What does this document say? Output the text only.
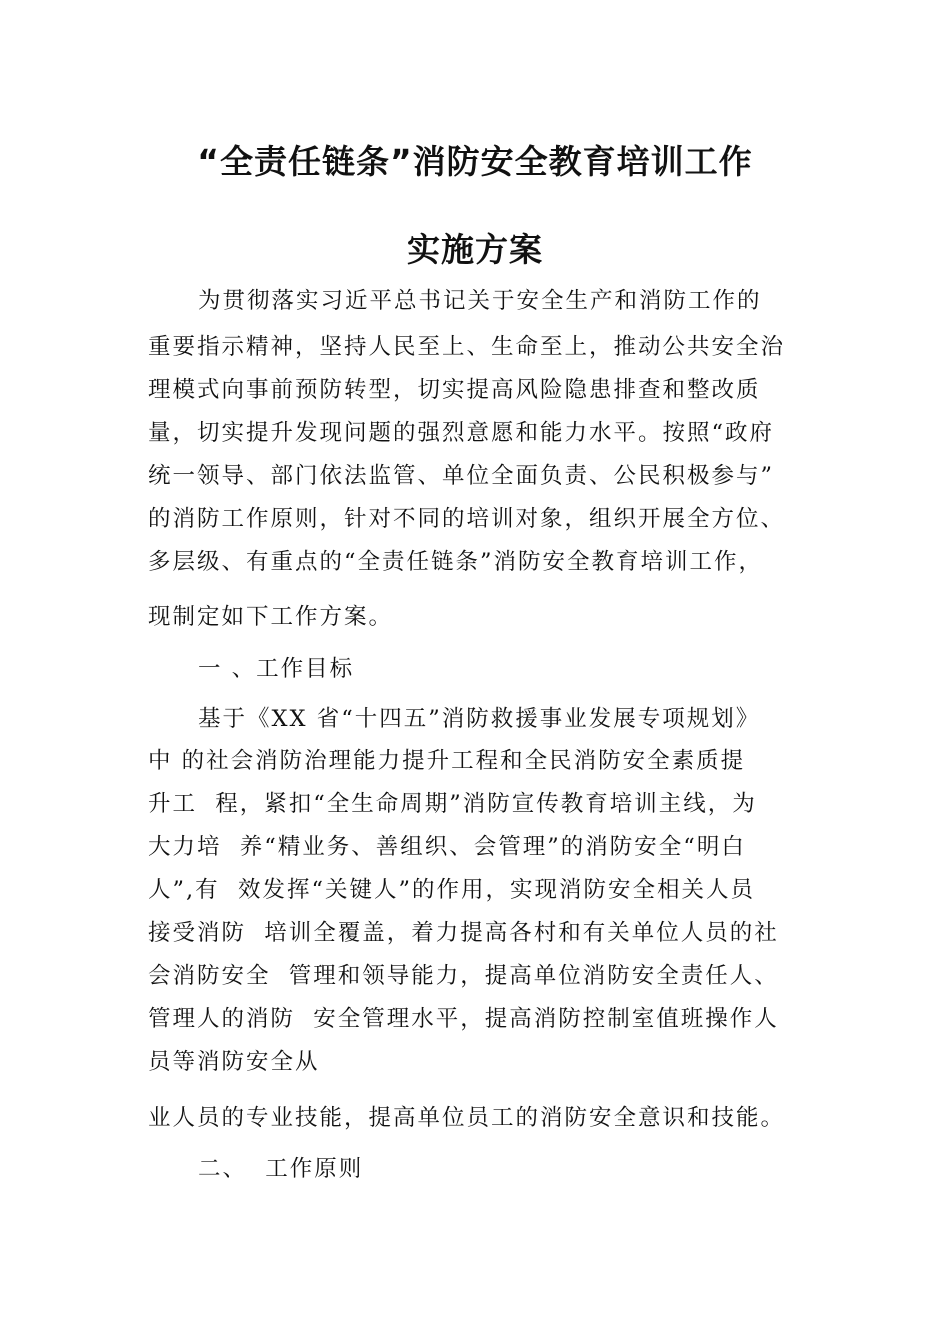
“全责任链条”消防安全教育培训工作
实施方案
为贯彻落实习近平总书记关于安全生产和消防工作的
重要指示精神，坚持人民至上、生命至上，推动公共安全治
理模式向事前预防转型，切实提高风险隐患排查和整改质
量，切实提升发现问题的强烈意愿和能力水平。按照“政府
统一领导、部门依法监管、单位全面负责、公民积极参与”
的消防工作原则，针对不同的培训对象，组织开展全方位、
多层级、有重点的“全责任链条”消防安全教育培训工作，
现制定如下工作方案。
一 、工作目标
基于《XX 省“十四五”消防救援事业发展专项规划》
中 的社会消防治理能力提升工程和全民消防安全素质提
升工  程，紧扣“全生命周期”消防宣传教育培训主线，为
大力培  养“精业务、善组织、会管理”的消防安全“明白
人”,有  效发挥“关键人”的作用，实现消防安全相关人员
接受消防  培训全覆盖，着力提高各村和有关单位人员的社
会消防安全  管理和领导能力，提高单位消防安全责任人、
管理人的消防  安全管理水平，提高消防控制室值班操作人
员等消防安全从
业人员的专业技能，提高单位员工的消防安全意识和技能。
二、  工作原则
